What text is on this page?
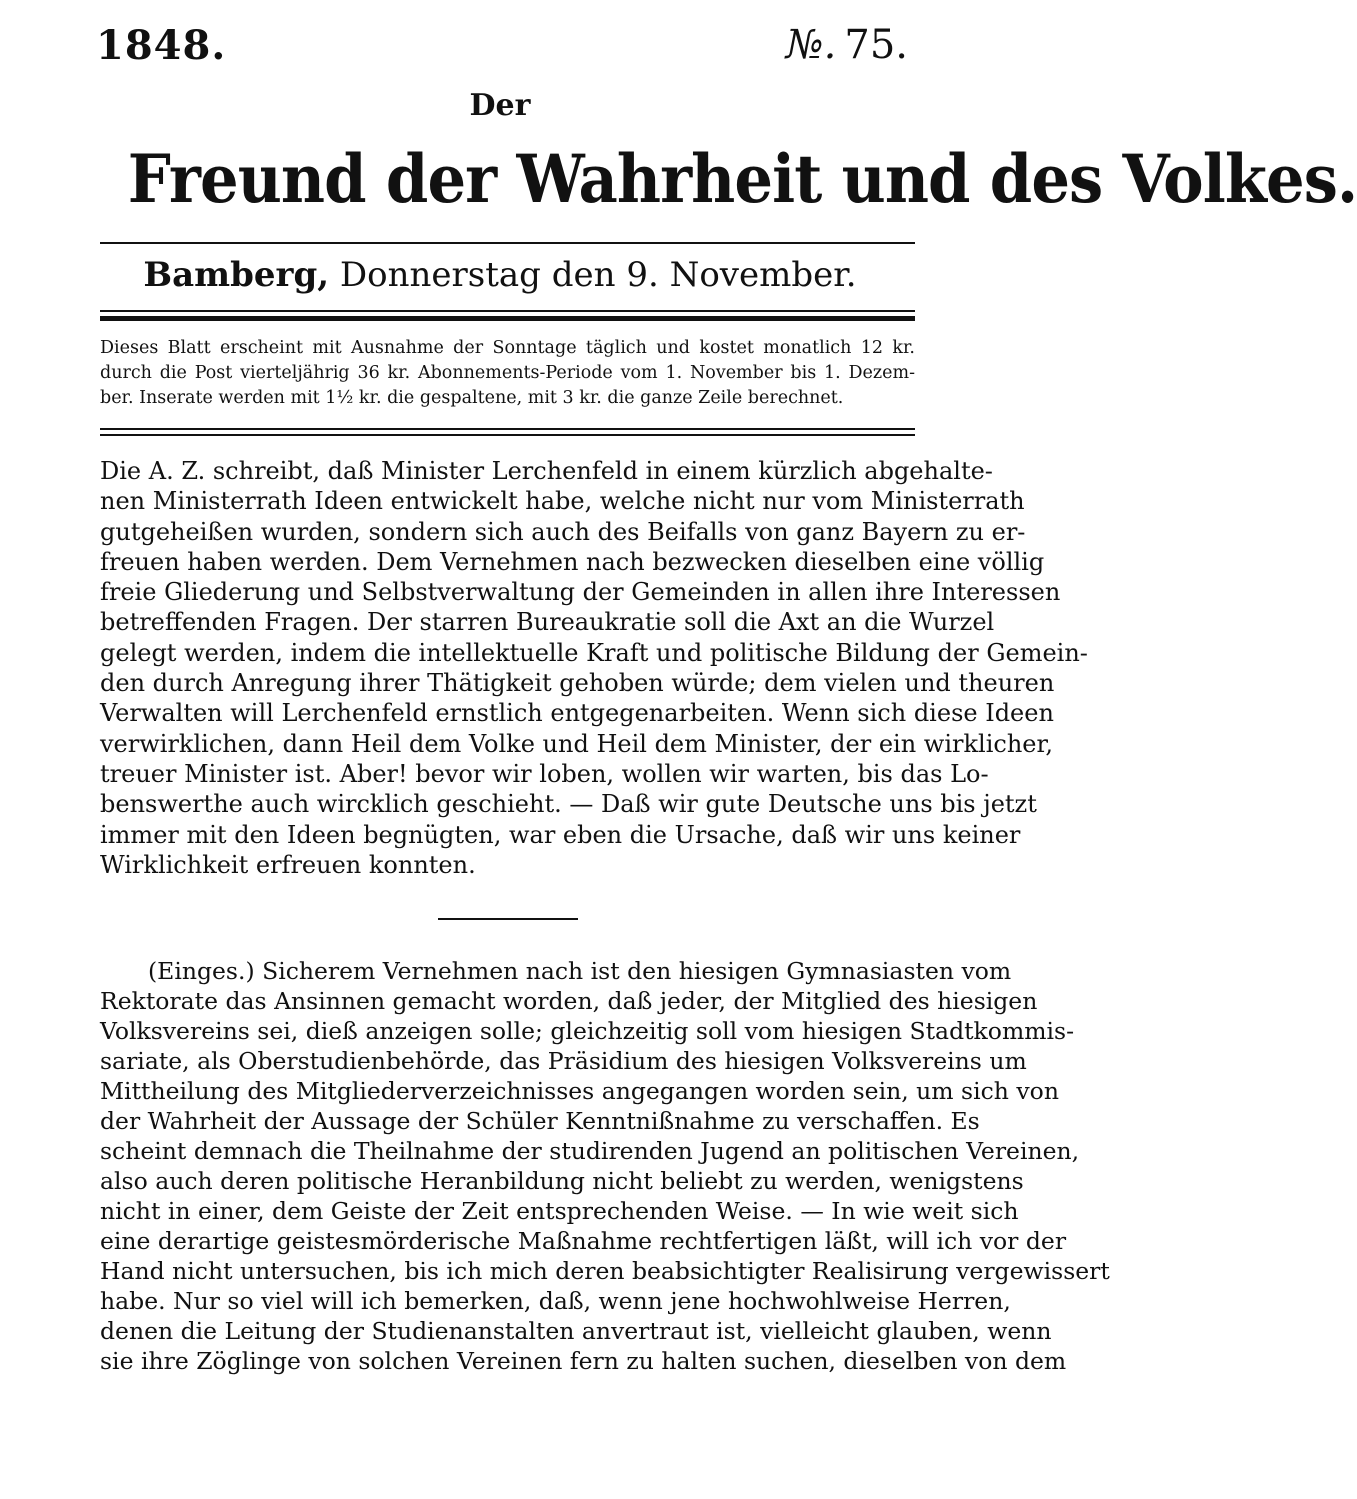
1848.	№. 75.
Der
Freund der Wahrheit und des Volkes.
Bamberg, Donnerstag den 9. November.
Dieses Blatt erscheint mit Ausnahme der Sonntage täglich und kostet monatlich 12 kr.
durch die Post vierteljährig 36 kr. Abonnements-Periode vom 1. November bis 1. Dezem-
ber. Inserate werden mit 1½ kr. die gespaltene, mit 3 kr. die ganze Zeile berechnet.
Die A. Z. schreibt, daß Minister Lerchenfeld in einem kürzlich abgehalte-
nen Ministerrath Ideen entwickelt habe, welche nicht nur vom Ministerrath
gutgeheißen wurden, sondern sich auch des Beifalls von ganz Bayern zu er-
freuen haben werden. Dem Vernehmen nach bezwecken dieselben eine völlig
freie Gliederung und Selbstverwaltung der Gemeinden in allen ihre Interessen
betreffenden Fragen. Der starren Bureaukratie soll die Axt an die Wurzel
gelegt werden, indem die intellektuelle Kraft und politische Bildung der Gemein-
den durch Anregung ihrer Thätigkeit gehoben würde; dem vielen und theuren
Verwalten will Lerchenfeld ernstlich entgegenarbeiten. Wenn sich diese Ideen
verwirklichen, dann Heil dem Volke und Heil dem Minister, der ein wirklicher,
treuer Minister ist. Aber! bevor wir loben, wollen wir warten, bis das Lo-
benswerthe auch wircklich geschieht. — Daß wir gute Deutsche uns bis jetzt
immer mit den Ideen begnügten, war eben die Ursache, daß wir uns keiner
Wirklichkeit erfreuen konnten.
(Einges.) Sicherem Vernehmen nach ist den hiesigen Gymnasiasten vom
Rektorate das Ansinnen gemacht worden, daß jeder, der Mitglied des hiesigen
Volksvereins sei, dieß anzeigen solle; gleichzeitig soll vom hiesigen Stadtkommis-
sariate, als Oberstudienbehörde, das Präsidium des hiesigen Volksvereins um
Mittheilung des Mitgliederverzeichnisses angegangen worden sein, um sich von
der Wahrheit der Aussage der Schüler Kenntnißnahme zu verschaffen. Es
scheint demnach die Theilnahme der studirenden Jugend an politischen Vereinen,
also auch deren politische Heranbildung nicht beliebt zu werden, wenigstens
nicht in einer, dem Geiste der Zeit entsprechenden Weise. — In wie weit sich
eine derartige geistesmörderische Maßnahme rechtfertigen läßt, will ich vor der
Hand nicht untersuchen, bis ich mich deren beabsichtigter Realisirung vergewissert
habe. Nur so viel will ich bemerken, daß, wenn jene hochwohlweise Herren,
denen die Leitung der Studienanstalten anvertraut ist, vielleicht glauben, wenn
sie ihre Zöglinge von solchen Vereinen fern zu halten suchen, dieselben von dem
